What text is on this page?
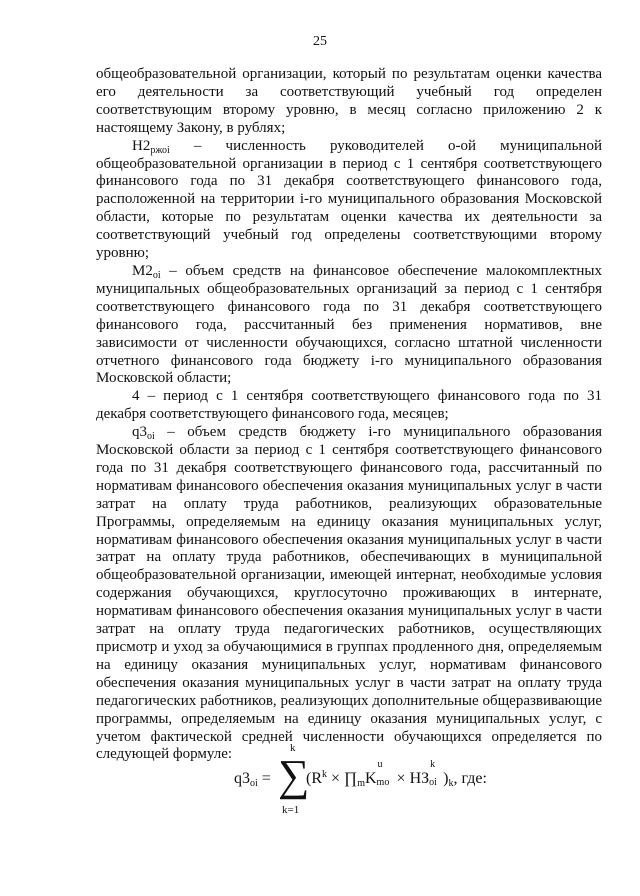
25

общеобразовательной организации, который по результатам оценки качества его деятельности за соответствующий учебный год определен соответствующим второму уровню, в месяц согласно приложению 2 к настоящему Закону, в рублях;

$Н2_{ржоi}$ – численность руководителей о-ой муниципальной общеобразовательной организации в период с 1 сентября соответствующего финансового года по 31 декабря соответствующего финансового года, расположенной на территории i-го муниципального образования Московской области, которые по результатам оценки качества их деятельности за соответствующий учебный год определены соответствующими второму уровню;

$М2_{оi}$ – объем средств на финансовое обеспечение малокомплектных муниципальных общеобразовательных организаций за период с 1 сентября соответствующего финансового года по 31 декабря соответствующего финансового года, рассчитанный без применения нормативов, вне зависимости от численности обучающихся, согласно штатной численности отчетного финансового года бюджету i-го муниципального образования Московской области;

4 – период с 1 сентября соответствующего финансового года по 31 декабря соответствующего финансового года, месяцев;

$q3_{оi}$ – объем средств бюджету i-го муниципального образования Московской области за период с 1 сентября соответствующего финансового года по 31 декабря соответствующего финансового года, рассчитанный по нормативам финансового обеспечения оказания муниципальных услуг в части затрат на оплату труда работников, реализующих образовательные Программы, определяемым на единицу оказания муниципальных услуг, нормативам финансового обеспечения оказания муниципальных услуг в части затрат на оплату труда работников, обеспечивающих в муниципальной общеобразовательной организации, имеющей интернат, необходимые условия содержания обучающихся, круглосуточно проживающих в интернате, нормативам финансового обеспечения оказания муниципальных услуг в части затрат на оплату труда педагогических работников, осуществляющих присмотр и уход за обучающимися в группах продленного дня, определяемым на единицу оказания муниципальных услуг, нормативам финансового обеспечения оказания муниципальных услуг в части затрат на оплату труда педагогических работников, реализующих дополнительные общеразвивающие программы, определяемым на единицу оказания муниципальных услуг, с учетом фактической средней численности обучающихся определяется по следующей формуле:

$q3_{оi}$ =
k
∑
k=1
($R^k$ × $\prod_mK$
u
mo × НЗ
k
оi )$_k$, где:
